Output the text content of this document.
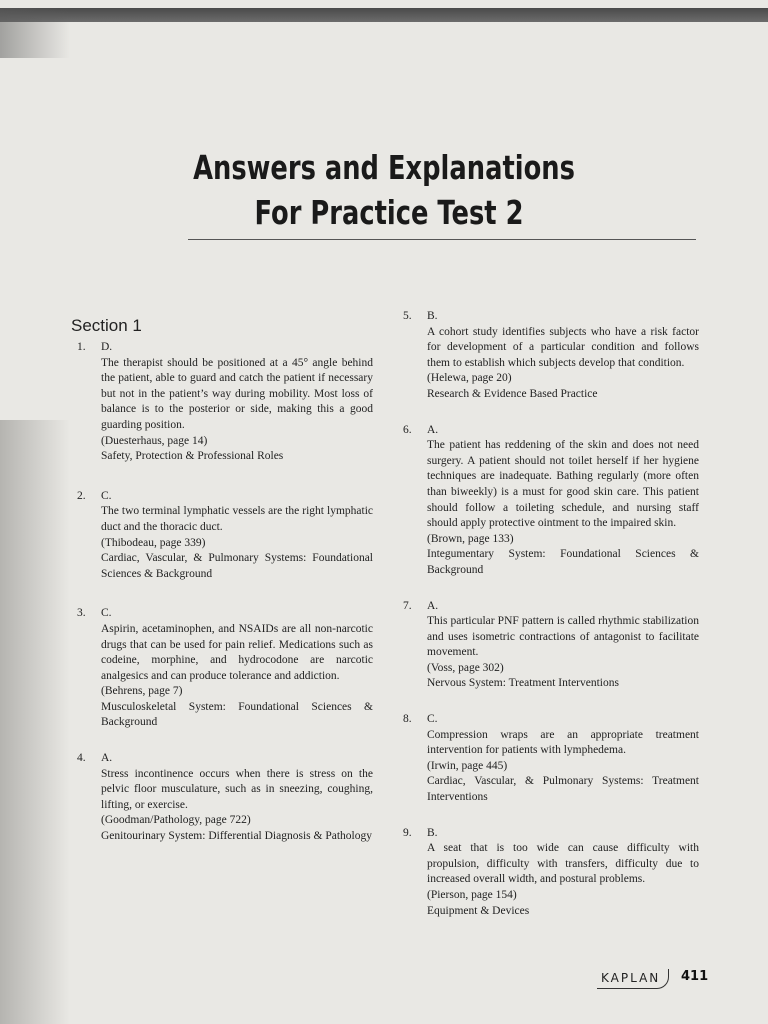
Answers and Explanations
For Practice Test 2
Section 1
1.	D.

The therapist should be positioned at a 45° angle behind the patient, able to guard and catch the patient if necessary but not in the patient’s way during mobility. Most loss of balance is to the posterior or side, making this a good guarding position.

(Duesterhaus, page 14)

Safety, Protection & Professional Roles

2.	C.

The two terminal lymphatic vessels are the right lymphatic duct and the thoracic duct.

(Thibodeau, page 339)

Cardiac, Vascular, & Pulmonary Systems: Foundational Sciences & Background

3.	C.

Aspirin, acetaminophen, and NSAIDs are all non-narcotic drugs that can be used for pain relief. Medications such as codeine, morphine, and hydrocodone are narcotic analgesics and can produce tolerance and addiction.

(Behrens, page 7)

Musculoskeletal System: Foundational Sciences & Background

4.	A.

Stress incontinence occurs when there is stress on the pelvic floor musculature, such as in sneezing, coughing, lifting, or exercise.

(Goodman/Pathology, page 722)

Genitourinary System: Differential Diagnosis & Pathology

5.	B.

A cohort study identifies subjects who have a risk factor for development of a particular condition and follows them to establish which subjects develop that condition.

(Helewa, page 20)

Research & Evidence Based Practice

6.	A.

The patient has reddening of the skin and does not need surgery. A patient should not toilet herself if her hygiene techniques are inadequate. Bathing regularly (more often than biweekly) is a must for good skin care. This patient should follow a toileting schedule, and nursing staff should apply protective ointment to the impaired skin.

(Brown, page 133)

Integumentary System: Foundational Sciences & Background

7.	A.

This particular PNF pattern is called rhythmic stabilization and uses isometric contractions of antagonist to facilitate movement.

(Voss, page 302)

Nervous System: Treatment Interventions

8.	C.

Compression wraps are an appropriate treatment intervention for patients with lymphedema.

(Irwin, page 445)

Cardiac, Vascular, & Pulmonary Systems: Treatment Interventions

9.	B.

A seat that is too wide can cause difficulty with propulsion, difficulty with transfers, difficulty due to increased overall width, and postural problems.

(Pierson, page 154)

Equipment & Devices

KAPLAN	411
